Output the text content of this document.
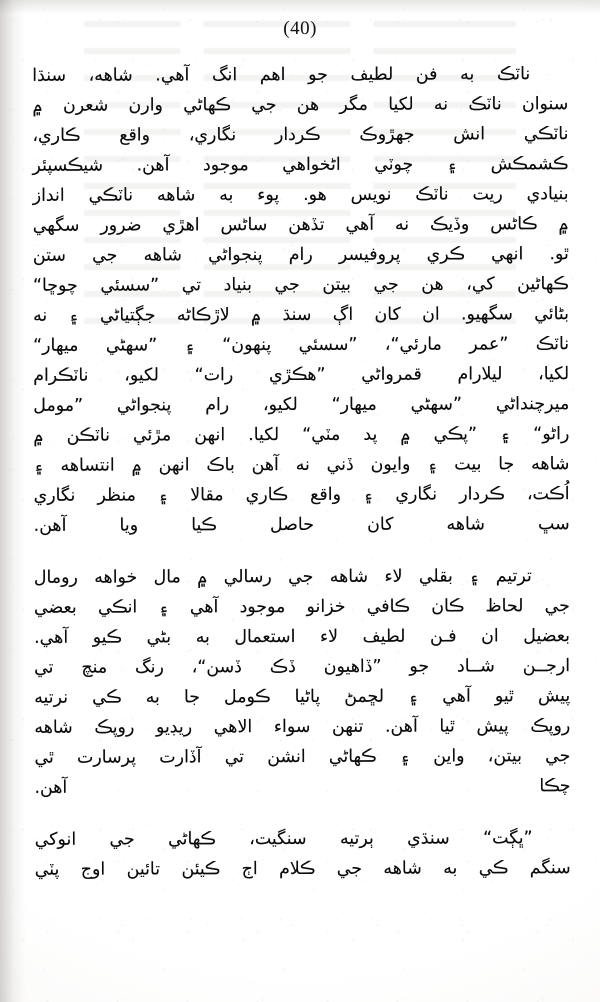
(40)
ناٽڪ
به
فن
لطيف
جو
اهم
انگ
آهي.
شاهه،
سنڌا
سنوان
ناٽڪ
نه
لکيا
مگر
هن
جي
ڪهاڻي
وارن
شعرن
۾
ناٽڪي
انش
جهڙوڪ
ڪردار
نگاري،
واقع
ڪاري،
ڪشمڪش
۽
چوٽي
اڻخواهي
موجود
آهن.
شيڪسپئر
بنيادي
ريت
ناٽڪ
نويس
هو.
پوء
به
شاهه
ناٽڪي
انداز
۾
ڪاڻس
وڏيڪ
نه
آهي
تڏهن
ساڻس
اهڙي
ضرور
سگهي
ٿو.
انهي
ڪري
پروفيسر
رام
پنجواڻي
شاهه
جي
ستن
ڪهاڻين
کي،
هن
جي
بيتن
جي
بنياد
تي
”سسئي
چوڇا“
بڻائي
سگهيو.
ان
کان
اڳ
سنڌ
۾
لاڙڪاڻه
جڳتياڻي
۽
نه
ناٽڪ
”عمر
مارئي“،
”سسئي
پنهون“
۽
”سهڻي
ميهار“
لکيا،
ليلارام
قمرواڻي
”هڪڙي
رات“
لکيو،
ناٽڪرام
ميرچنداڻي
”سهڻي
ميهار“
لکيو،
رام
پنجواڻي
”مومل
راڻو“
۽
”پڪي
۾
پد
مٽي“
لکيا.
انهن
مڙئي
ناٽڪن
۾
شاهه
جا
بيت
۽
وايون
ڏني
نه
آهن
باڪ
انهن
۾
انتساهه
۽
اُڪت،
ڪردار
نگاري
۽
واقع
ڪاري
مقالا
۽
منظر
نگاري
سڀ شاهه کان حاصل ڪيا ويا آهن.
ترتيم
۽
بقلي
لاء
شاهه
جي
رسالي
۾
مال
خواهه
رومال
جي
لحاظ
ڪان
ڪافي
خزانو
موجود
آهي
۽
انڪي
بعضي
بعضيل
ان
فـن
لطيف
لاء
استعمال
به
بڻي
ڪيو
آهي.
ارجــن
شــاد
جو
”ڏاهيون
ڏڪ
ڏسن“،
رنگ
منچ
تي
پيش
ٿيو
آهي
۽
لڇمڻ
پاڻيا
ڪومل
جا
به
ڪي
نرتيه
روپڪ
پيش
ٿيا
آهن.
تنهن
سواء
الاهي
ريڊيو
روپڪ
شاهه
جي
بيتن،
واين
۽
ڪهاڻي
انشن
تي
آڏارت
پرسارت
ٿي
چڪا آهن.
”ڀڳت“
سنڌي
ٻرتيه
سنگيت،
ڪهاڻي
جي
انوکي
سنگم ڪي به شاهه جي ڪلام اڄ ڪيئن تائين اوج پٽي
